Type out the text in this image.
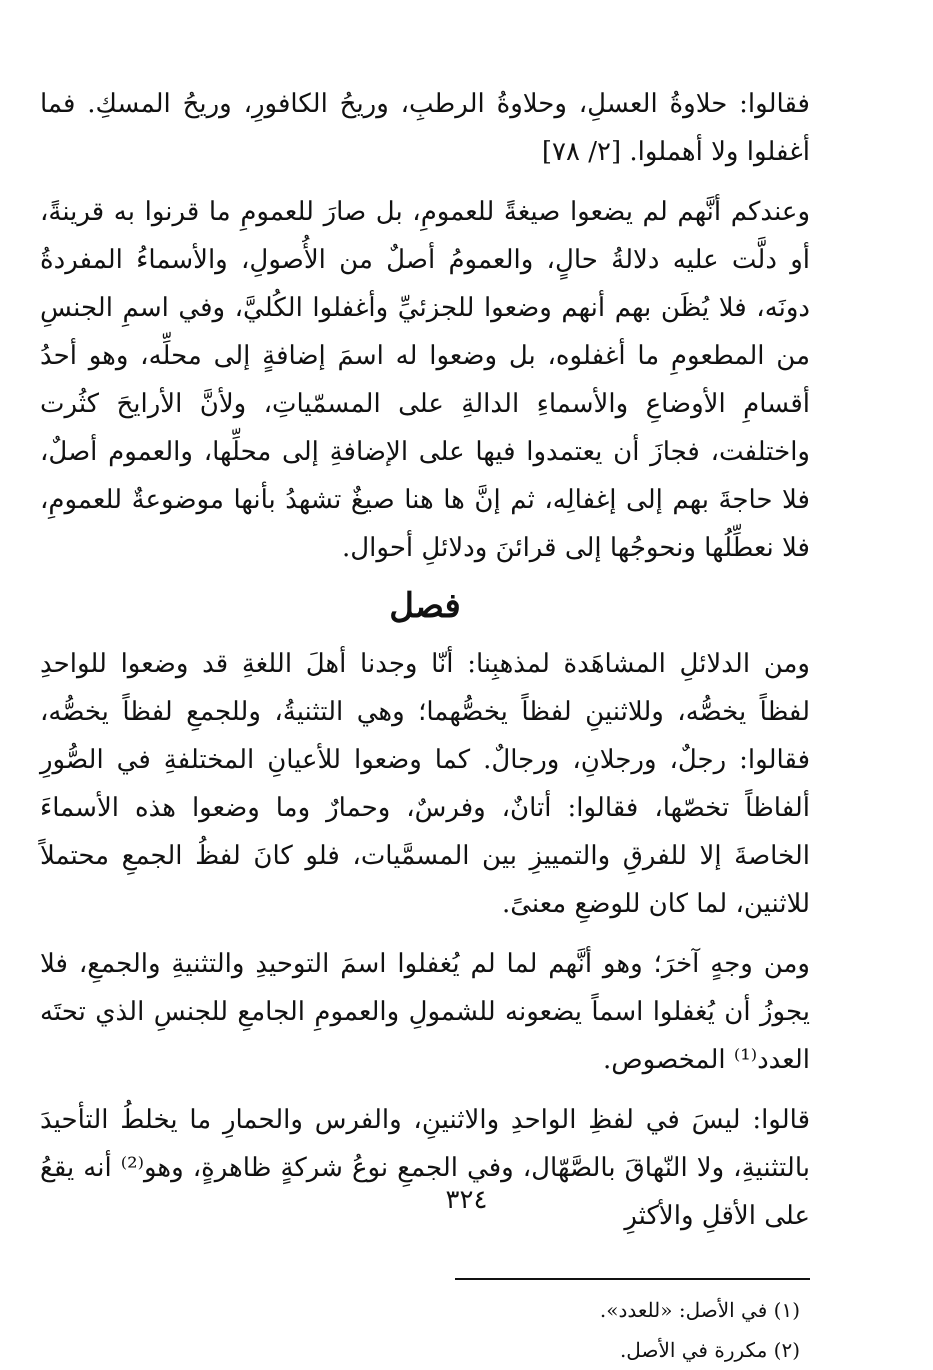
فقالوا: حلاوةُ العسلِ، وحلاوةُ الرطبِ، وريحُ الكافورِ، وريحُ المسكِ. فما أغفلوا ولا أهملوا. [٢/ ٧٨]

وعندكم أنَّهم لم يضعوا صيغةً للعمومِ، بل صارَ للعمومِ ما قرنوا به قرينةً، أو دلَّت عليه دلالةُ حالٍ، والعمومُ أصلٌ من الأُصولِ، والأسماءُ المفردةُ دونَه، فلا يُظَن بهم أنهم وضعوا للجزئيِّ وأغفلوا الكُليَّ، وفي اسمِ الجنسِ من المطعومِ ما أغفلوه، بل وضعوا له اسمَ إضافةٍ إلى محلِّه، وهو أحدُ أقسامِ الأوضاعِ والأسماءِ الدالةِ على المسمّياتِ، ولأنَّ الأرايحَ كثُرت واختلفت، فجازَ أن يعتمدوا فيها على الإضافةِ إلى محلِّها، والعموم أصلٌ، فلا حاجةَ بهم إلى إغفالِه، ثم إنَّ ها هنا صيغٌ تشهدُ بأنها موضوعةٌ للعمومِ، فلا نعطِّلُها ونحوجُها إلى قرائنَ ودلائلِ أحوال.

فصل

ومن الدلائلِ المشاهَدة لمذهبِنا: أنّا وجدنا أهلَ اللغةِ قد وضعوا للواحدِ لفظاً يخصُّه، وللاثنينِ لفظاً يخصُّهما؛ وهي التثنيةُ، وللجمعِ لفظاً يخصُّه، فقالوا: رجلٌ، ورجلانِ، ورجالٌ. كما وضعوا للأعيانِ المختلفةِ في الصُّورِ ألفاظاً تخصّها، فقالوا: أتانٌ، وفرسٌ، وحمارٌ وما وضعوا هذه الأسماءَ الخاصةَ إلا للفرقِ والتمييزِ بين المسمَّيات، فلو كانَ لفظُ الجمعِ محتملاً للاثنين، لما كان للوضعِ معنىً.

ومن وجهٍ آخرَ؛ وهو أنَّهم لما لم يُغفلوا اسمَ التوحيدِ والتثنيةِ والجمعِ، فلا يجوزُ أن يُغفلوا اسماً يضعونه للشمولِ والعمومِ الجامعِ للجنسِ الذي تحتَه العدد⁽¹⁾ المخصوص.

قالوا: ليسَ في لفظِ الواحدِ والاثنينِ، والفرس والحمارِ ما يخلطُ التأحيدَ بالتثنيةِ، ولا النّهاقَ بالصَّهّال، وفي الجمعِ نوعُ شركةٍ ظاهرةٍ، وهو⁽²⁾ أنه يقعُ على الأقلِ والأكثرِ

(١) في الأصل: «للعدد».

(٢) مكررة في الأصل.

٣٢٤
